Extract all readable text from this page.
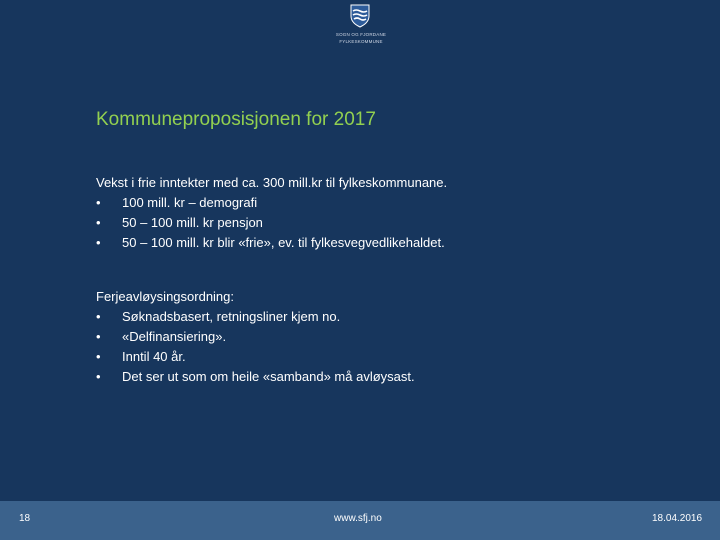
SOGN OG FJORDANE
FYLKESKOMMUNE
Kommuneproposisjonen for 2017
Vekst i frie inntekter med ca. 300 mill.kr til fylkeskommunane.
• 100 mill. kr – demografi
• 50 – 100 mill. kr pensjon
• 50 – 100 mill. kr blir «frie», ev. til fylkesvegvedlikehaldet.
Ferjeavløysingsordning:
• Søknadsbasert, retningsliner kjem no.
• «Delfinansiering».
• Inntil 40 år.
• Det ser ut som om heile «samband» må avløysast.
18	www.sfj.no	18.04.2016
